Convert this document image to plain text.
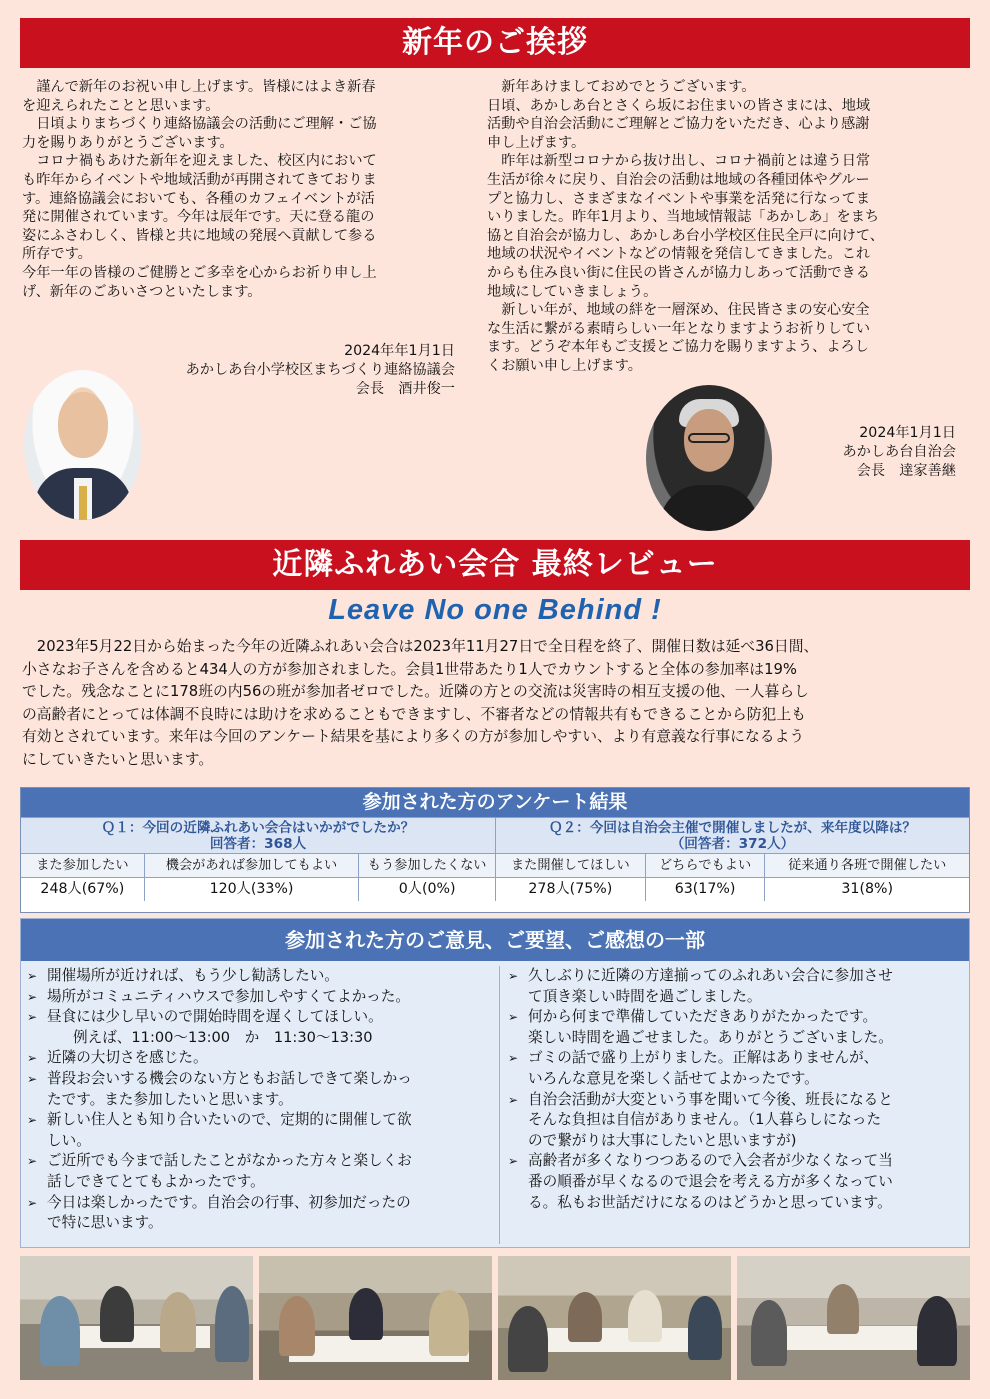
新年のご挨拶

　謹んで新年のお祝い申し上げます。皆様にはよき新春

を迎えられたことと思います。

　日頃よりまちづくり連絡協議会の活動にご理解・ご協

力を賜りありがとうございます。

　コロナ禍もあけた新年を迎えました、校区内において

も昨年からイベントや地域活動が再開されてきておりま

す。連絡協議会においても、各種のカフェイベントが活

発に開催されています。今年は辰年です。天に登る龍の

姿にふさわしく、皆様と共に地域の発展へ貢献して参る

所存です。

今年一年の皆様のご健勝とご多幸を心からお祈り申し上

げ、新年のごあいさつといたします。

2024年年1月1日
あかしあ台小学校区まちづくり連絡協議会
会長　酒井俊一

　新年あけましておめでとうございます。

日頃、あかしあ台とさくら坂にお住まいの皆さまには、地域

活動や自治会活動にご理解とご協力をいただき、心より感謝

申し上げます。

　昨年は新型コロナから抜け出し、コロナ禍前とは違う日常

生活が徐々に戻り、自治会の活動は地域の各種団体やグルー

プと協力し、さまざまなイベントや事業を活発に行なってま

いりました。昨年1月より、当地域情報誌「あかしあ」をまち

協と自治会が協力し、あかしあ台小学校区住民全戸に向けて、

地域の状況やイベントなどの情報を発信してきました。これ

からも住み良い街に住民の皆さんが協力しあって活動できる

地域にしていきましょう。

　新しい年が、地域の絆を一層深め、住民皆さまの安心安全

な生活に繋がる素晴らしい一年となりますようお祈りしてい

ます。どうぞ本年もご支援とご協力を賜りますよう、よろし

くお願い申し上げます。

2024年1月1日
あかしあ台自治会
会長　達家善継
近隣ふれあい会合 最終レビュー
Leave No one Behind !

　2023年5月22日から始まった今年の近隣ふれあい会合は2023年11月27日で全日程を終了、開催日数は延べ36日間、

小さなお子さんを含めると434人の方が参加されました。会員1世帯あたり1人でカウントすると全体の参加率は19%

でした。残念なことに178班の内56の班が参加者ゼロでした。近隣の方との交流は災害時の相互支援の他、一人暮らし

の高齢者にとっては体調不良時には助けを求めることもできますし、不審者などの情報共有もできることから防犯上も

有効とされています。来年は今回のアンケート結果を基により多くの方が参加しやすい、より有意義な行事になるよう

にしていきたいと思います。

参加された方のアンケート結果
Ｑ１：今回の近隣ふれあい会合はいかがでしたか？
回答者：368人
Ｑ２：今回は自治会主催で開催しましたが、来年度以降は？
（回答者：372人）
また参加したい	機会があれば参加してもよい	もう参加したくない	また開催してほしい	どちらでもよい	従来通り各班で開催したい
248人(67%)	120人(33%)	0人(0%)	278人(75%)	63(17%)	31(8%)
参加された方のご意見、ご要望、ご感想の一部
➢ 開催場所が近ければ、もう少し勧誘したい。
➢ 場所がコミュニティハウスで参加しやすくてよかった。
➢ 昼食には少し早いので開始時間を遅くしてほしい。
例えば、11:00～13:00　か　11:30～13:30
➢ 近隣の大切さを感じた。
➢ 普段お会いする機会のない方ともお話しできて楽しかっ
たです。また参加したいと思います。
➢ 新しい住人とも知り合いたいので、定期的に開催して欲
しい。
➢ ご近所でも今まで話したことがなかった方々と楽しくお
話しできてとてもよかったです。
➢ 今日は楽しかったです。自治会の行事、初参加だったの
で特に思います。
➢ 久しぶりに近隣の方達揃ってのふれあい会合に参加させ
て頂き楽しい時間を過ごしました。
➢ 何から何まで準備していただきありがたかったです。
楽しい時間を過ごせました。ありがとうございました。
➢ ゴミの話で盛り上がりました。正解はありませんが、
いろんな意見を楽しく話せてよかったです。
➢ 自治会活動が大変という事を聞いて今後、班長になると
そんな負担は自信がありません。（1人暮らしになった
ので繋がりは大事にしたいと思いますが)
➢ 高齢者が多くなりつつあるので入会者が少なくなって当
番の順番が早くなるので退会を考える方が多くなってい
る。私もお世話だけになるのはどうかと思っています。
